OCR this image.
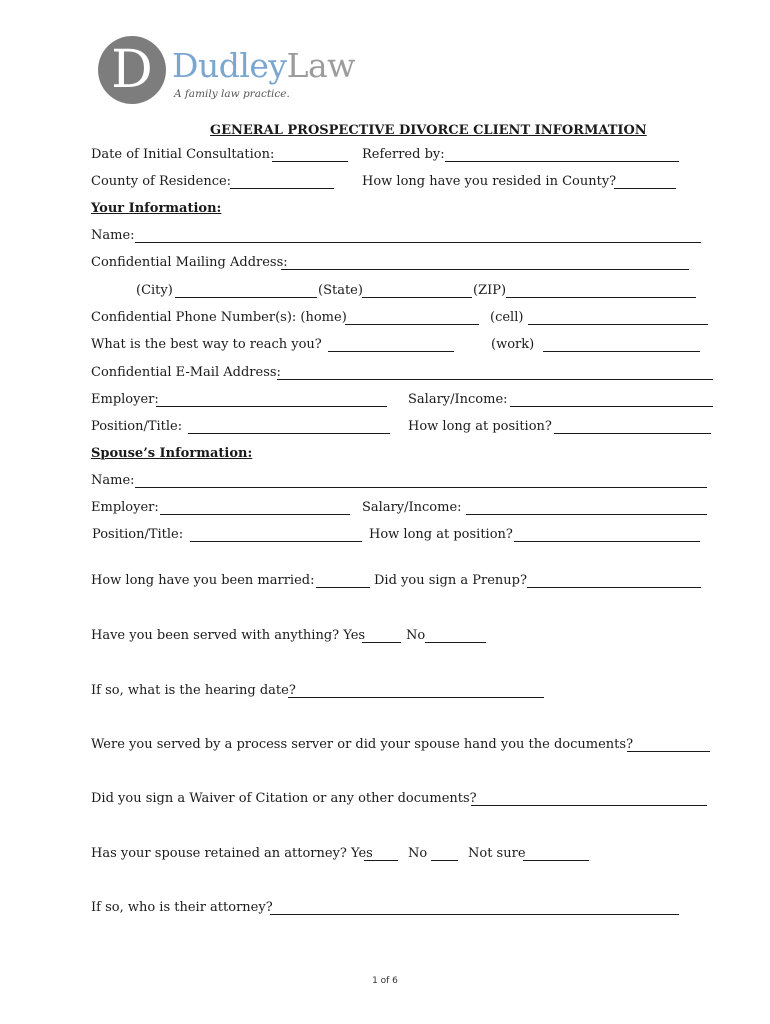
D DudleyLaw
A family law practice.
GENERAL PROSPECTIVE DIVORCE CLIENT INFORMATION
Date of Initial Consultation:	Referred by:
County of Residence:	How long have you resided in County?
Your Information:
Name:
Confidential Mailing Address:
(City)	(State)	(ZIP)
Confidential Phone Number(s): (home)	(cell)
What is the best way to reach you?	(work)
Confidential E-Mail Address:
Employer:	Salary/Income:
Position/Title:	How long at position?
Spouse’s Information:
Name:
Employer:	Salary/Income:
Position/Title:	How long at position?
How long have you been married:	Did you sign a Prenup?
Have you been served with anything? Yes	No
If so, what is the hearing date?
Were you served by a process server or did your spouse hand you the documents?
Did you sign a Waiver of Citation or any other documents?
Has your spouse retained an attorney? Yes	No	Not sure
If so, who is their attorney?
1 of 6
